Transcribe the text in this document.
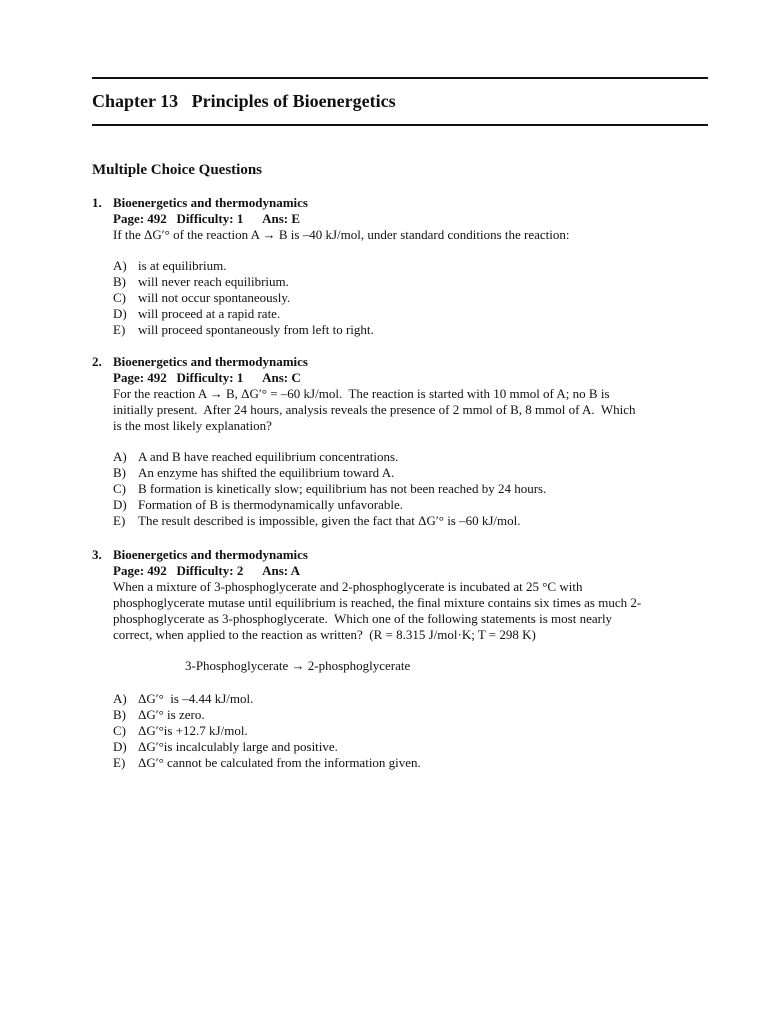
Chapter 13   Principles of Bioenergetics
Multiple Choice Questions
1. Bioenergetics and thermodynamics
Page: 492   Difficulty: 1      Ans: E
If the ΔG′° of the reaction A → B is –40 kJ/mol, under standard conditions the reaction:
A) is at equilibrium.
B) will never reach equilibrium.
C) will not occur spontaneously.
D) will proceed at a rapid rate.
E) will proceed spontaneously from left to right.
2. Bioenergetics and thermodynamics
Page: 492   Difficulty: 1      Ans: C
For the reaction A → B, ΔG′° = –60 kJ/mol.  The reaction is started with 10 mmol of A; no B is
initially present.  After 24 hours, analysis reveals the presence of 2 mmol of B, 8 mmol of A.  Which
is the most likely explanation?
A) A and B have reached equilibrium concentrations.
B) An enzyme has shifted the equilibrium toward A.
C) B formation is kinetically slow; equilibrium has not been reached by 24 hours.
D) Formation of B is thermodynamically unfavorable.
E) The result described is impossible, given the fact that ΔG′° is –60 kJ/mol.
3. Bioenergetics and thermodynamics
Page: 492   Difficulty: 2      Ans: A
When a mixture of 3-phosphoglycerate and 2-phosphoglycerate is incubated at 25 °C with
phosphoglycerate mutase until equilibrium is reached, the final mixture contains six times as much 2-
phosphoglycerate as 3-phosphoglycerate.  Which one of the following statements is most nearly
correct, when applied to the reaction as written?  (R = 8.315 J/mol·K; T = 298 K)
3-Phosphoglycerate → 2-phosphoglycerate
A) ΔG′°  is –4.44 kJ/mol.
B) ΔG′° is zero.
C) ΔG′°is +12.7 kJ/mol.
D) ΔG′°is incalculably large and positive.
E) ΔG′° cannot be calculated from the information given.
